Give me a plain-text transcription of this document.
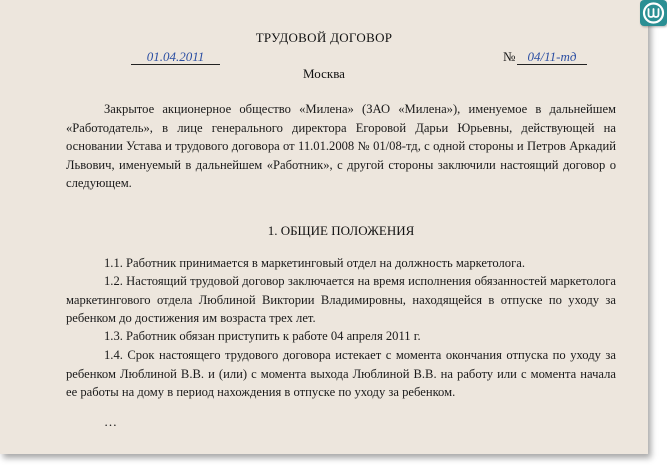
ТРУДОВОЙ ДОГОВОР
01.04.2011	№ 04/11-тд
Москва

Закрытое акционерное общество «Милена» (ЗАО «Милена»), именуемое в дальнейшем «Работодатель», в лице генерального директора Егоровой Дарьи Юрьевны, действующей на основании Устава и трудового договора от 11.01.2008 № 01/08-тд, с одной стороны и Петров Аркадий Львович, именуемый в дальнейшем «Работник», с другой стороны заключили настоящий договор о следующем.

1. ОБЩИЕ ПОЛОЖЕНИЯ

1.1. Работник принимается в маркетинговый отдел на должность маркетолога.

1.2. Настоящий трудовой договор заключается на время исполнения обязанностей маркетолога маркетингового отдела Люблиной Виктории Владимировны, находящейся в отпуске по уходу за ребенком до достижения им возраста трех лет.

1.3. Работник обязан приступить к работе 04 апреля 2011 г.

1.4. Срок настоящего трудового договора истекает с момента окончания отпуска по уходу за ребенком Люблиной В.В. и (или) с момента выхода Люблиной В.В. на работу или с момента начала ее работы на дому в период нахождения в отпуске по уходу за ребенком.

…
